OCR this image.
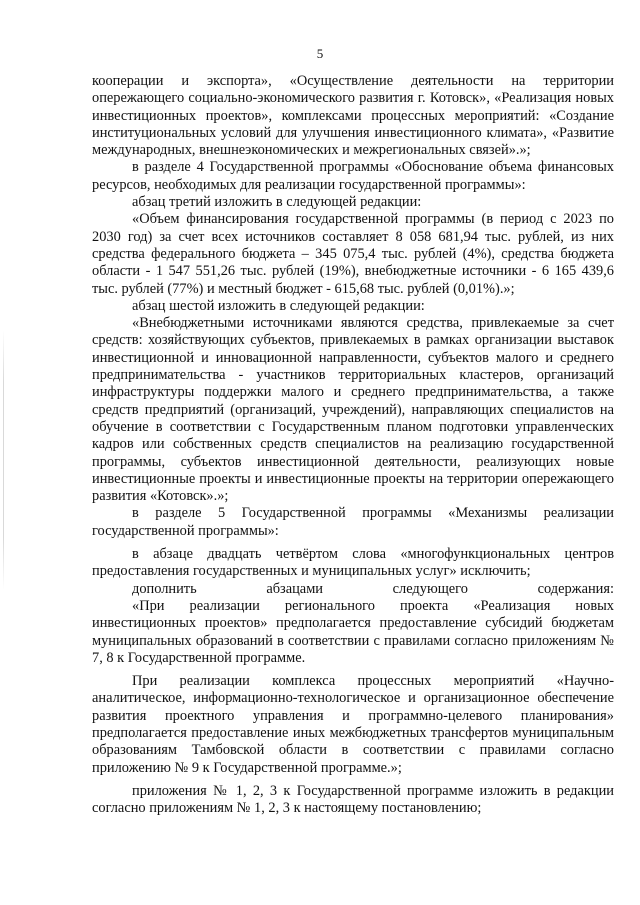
5

кооперации и экспорта», «Осуществление деятельности на территории опережающего социально-экономического развития г. Котовск», «Реализация новых инвестиционных проектов», комплексами процессных мероприятий: «Создание институциональных условий для улучшения инвестиционного климата», «Развитие международных, внешнеэкономических и межрегиональных связей».»;

в разделе 4 Государственной программы «Обоснование объема финансовых ресурсов, необходимых для реализации государственной программы»:

абзац третий изложить в следующей редакции:

«Объем финансирования государственной программы (в период с 2023 по 2030 год) за счет всех источников составляет 8 058 681,94 тыс. рублей, из них средства федерального бюджета – 345 075,4 тыс. рублей (4%), средства бюджета области - 1 547 551,26 тыс. рублей (19%), внебюджетные источники - 6 165 439,6 тыс. рублей (77%) и местный бюджет - 615,68 тыс. рублей (0,01%).»;

абзац шестой изложить в следующей редакции:

«Внебюджетными источниками являются средства, привлекаемые за счет средств: хозяйствующих субъектов, привлекаемых в рамках организации выставок инвестиционной и инновационной направленности, субъектов малого и среднего предпринимательства - участников территориальных кластеров, организаций инфраструктуры поддержки малого и среднего предпринимательства, а также средств предприятий (организаций, учреждений), направляющих специалистов на обучение в соответствии с Государственным планом подготовки управленческих кадров или собственных средств специалистов на реализацию государственной программы, субъектов инвестиционной деятельности, реализующих новые инвестиционные проекты и инвестиционные проекты на территории опережающего развития «Котовск».»;

в разделе 5 Государственной программы «Механизмы реализации государственной программы»:

в абзаце двадцать четвёртом слова «многофункциональных центров предоставления государственных и муниципальных услуг» исключить;

дополнить абзацами следующего содержания:

«При реализации регионального проекта «Реализация новых инвестиционных проектов» предполагается предоставление субсидий бюджетам муниципальных образований в соответствии с правилами согласно приложениям № 7, 8 к Государственной программе.

При реализации комплекса процессных мероприятий «Научно-аналитическое, информационно-технологическое и организационное обеспечение развития проектного управления и программно-целевого планирования» предполагается предоставление иных межбюджетных трансфертов муниципальным образованиям Тамбовской области в соответствии с правилами согласно приложению № 9 к Государственной программе.»;

приложения № 1, 2, 3 к Государственной программе изложить в редакции согласно приложениям № 1, 2, 3 к настоящему постановлению;
